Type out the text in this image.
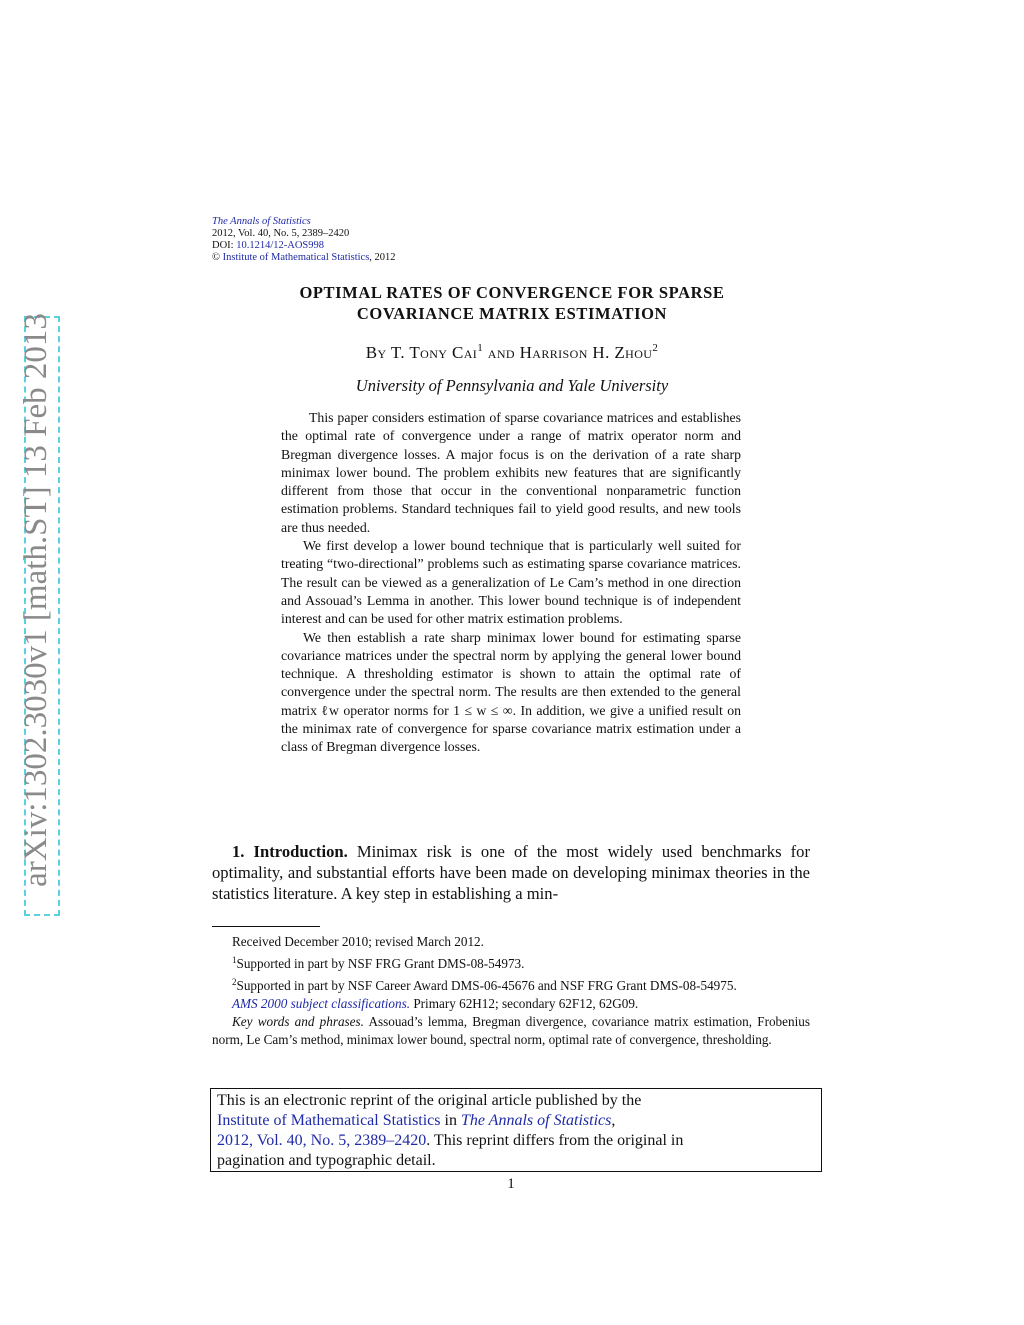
arXiv:1302.3030v1 [math.ST] 13 Feb 2013
The Annals of Statistics
2012, Vol. 40, No. 5, 2389–2420
DOI: 10.1214/12-AOS998
© Institute of Mathematical Statistics, 2012
OPTIMAL RATES OF CONVERGENCE FOR SPARSE
COVARIANCE MATRIX ESTIMATION
By T. Tony Cai$^1$ and Harrison H. Zhou$^2$
University of Pennsylvania and Yale University

This paper considers estimation of sparse covariance matrices and establishes the optimal rate of convergence under a range of matrix operator norm and Bregman divergence losses. A major focus is on the derivation of a rate sharp minimax lower bound. The problem exhibits new features that are significantly different from those that occur in the conventional nonparametric function estimation problems. Standard techniques fail to yield good results, and new tools are thus needed.

We first develop a lower bound technique that is particularly well suited for treating “two-directional” problems such as estimating sparse covariance matrices. The result can be viewed as a generalization of Le Cam’s method in one direction and Assouad’s Lemma in another. This lower bound technique is of independent interest and can be used for other matrix estimation problems.

We then establish a rate sharp minimax lower bound for estimating sparse covariance matrices under the spectral norm by applying the general lower bound technique. A thresholding estimator is shown to attain the optimal rate of convergence under the spectral norm. The results are then extended to the general matrix ℓw operator norms for 1 ≤ w ≤ ∞. In addition, we give a unified result on the minimax rate of convergence for sparse covariance matrix estimation under a class of Bregman divergence losses.

1. Introduction. Minimax risk is one of the most widely used benchmarks for optimality, and substantial efforts have been made on developing minimax theories in the statistics literature. A key step in establishing a min-

Received December 2010; revised March 2012.

$^1$Supported in part by NSF FRG Grant DMS-08-54973.

$^2$Supported in part by NSF Career Award DMS-06-45676 and NSF FRG Grant DMS-08-54975.

AMS 2000 subject classifications. Primary 62H12; secondary 62F12, 62G09.

Key words and phrases. Assouad’s lemma, Bregman divergence, covariance matrix estimation, Frobenius norm, Le Cam’s method, minimax lower bound, spectral norm, optimal rate of convergence, thresholding.

This is an electronic reprint of the original article published by the
Institute of Mathematical Statistics in The Annals of Statistics,
2012, Vol. 40, No. 5, 2389–2420. This reprint differs from the original in
pagination and typographic detail.
1
